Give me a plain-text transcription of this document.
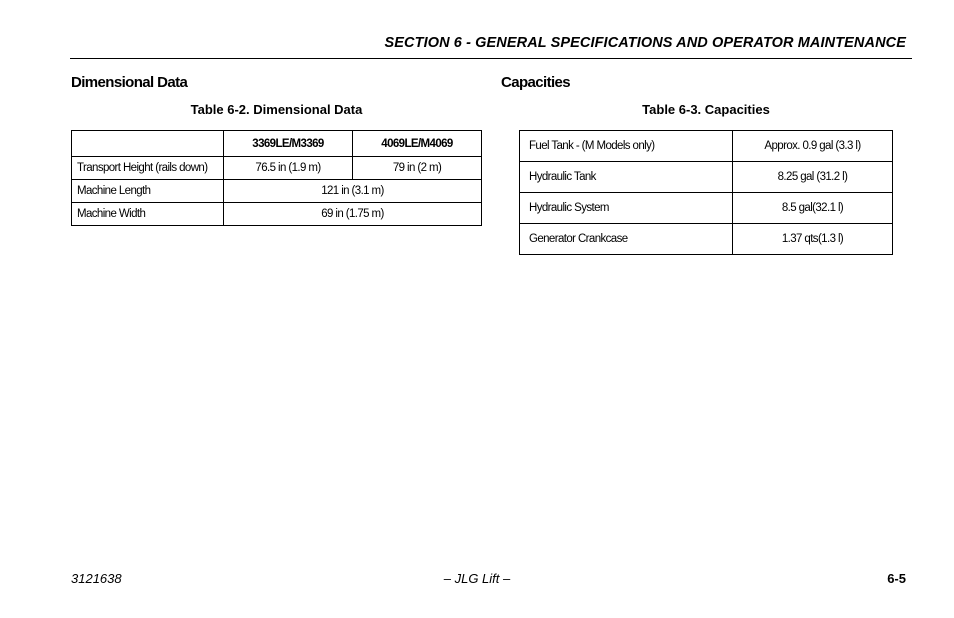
SECTION 6 - GENERAL SPECIFICATIONS AND OPERATOR MAINTENANCE
Dimensional Data
Table 6-2. Dimensional Data
	3369LE/M3369	4069LE/M4069
Transport Height (rails down)	76.5 in (1.9 m)	79 in (2 m)
Machine Length	121 in (3.1 m)	
Machine Width	69 in (1.75 m)	
Capacities
Table 6-3. Capacities
Fuel Tank - (M Models only)	Approx. 0.9 gal (3.3 l)
Hydraulic Tank	8.25 gal (31.2 l)
Hydraulic System	8.5 gal(32.1 l)
Generator Crankcase	1.37 qts(1.3 l)
3121638	– JLG Lift –	6-5
